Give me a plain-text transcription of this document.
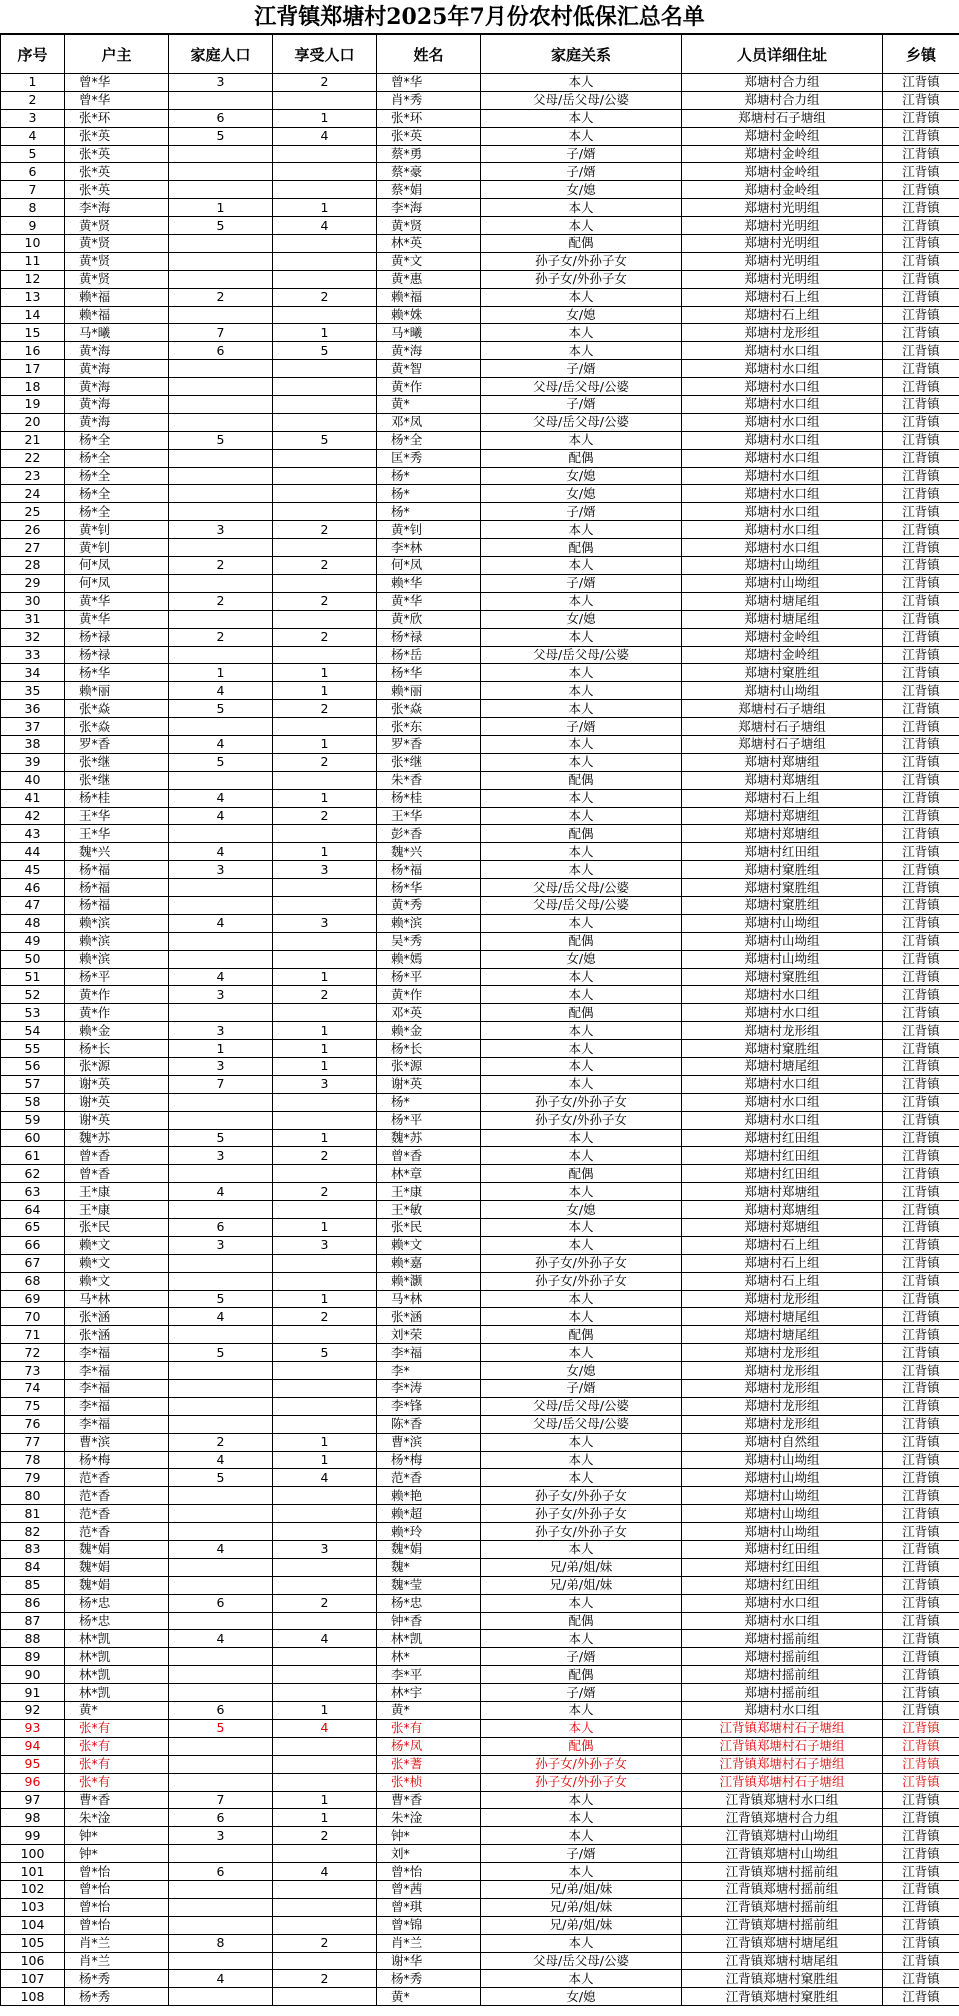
江背镇郑塘村2025年7月份农村低保汇总名单
序号	户主	家庭人口	享受人口	姓名	家庭关系	人员详细住址	乡镇
1	曾*华	3	2	曾*华	本人	郑塘村合力组	江背镇
2	曾*华			肖*秀	父母/岳父母/公婆	郑塘村合力组	江背镇
3	张*环	6	1	张*环	本人	郑塘村石子塘组	江背镇
4	张*英	5	4	张*英	本人	郑塘村金岭组	江背镇
5	张*英			蔡*勇	子/婿	郑塘村金岭组	江背镇
6	张*英			蔡*豪	子/婿	郑塘村金岭组	江背镇
7	张*英			蔡*娟	女/媳	郑塘村金岭组	江背镇
8	李*海	1	1	李*海	本人	郑塘村光明组	江背镇
9	黄*贤	5	4	黄*贤	本人	郑塘村光明组	江背镇
10	黄*贤			林*英	配偶	郑塘村光明组	江背镇
11	黄*贤			黄*文	孙子女/外孙子女	郑塘村光明组	江背镇
12	黄*贤			黄*惠	孙子女/外孙子女	郑塘村光明组	江背镇
13	赖*福	2	2	赖*福	本人	郑塘村石上组	江背镇
14	赖*福			赖*姝	女/媳	郑塘村石上组	江背镇
15	马*曦	7	1	马*曦	本人	郑塘村龙形组	江背镇
16	黄*海	6	5	黄*海	本人	郑塘村水口组	江背镇
17	黄*海			黄*智	子/婿	郑塘村水口组	江背镇
18	黄*海			黄*作	父母/岳父母/公婆	郑塘村水口组	江背镇
19	黄*海			黄*	子/婿	郑塘村水口组	江背镇
20	黄*海			邓*凤	父母/岳父母/公婆	郑塘村水口组	江背镇
21	杨*全	5	5	杨*全	本人	郑塘村水口组	江背镇
22	杨*全			匡*秀	配偶	郑塘村水口组	江背镇
23	杨*全			杨*	女/媳	郑塘村水口组	江背镇
24	杨*全			杨*	女/媳	郑塘村水口组	江背镇
25	杨*全			杨*	子/婿	郑塘村水口组	江背镇
26	黄*钊	3	2	黄*钊	本人	郑塘村水口组	江背镇
27	黄*钊			李*林	配偶	郑塘村水口组	江背镇
28	何*凤	2	2	何*凤	本人	郑塘村山坳组	江背镇
29	何*凤			赖*华	子/婿	郑塘村山坳组	江背镇
30	黄*华	2	2	黄*华	本人	郑塘村塘尾组	江背镇
31	黄*华			黄*欣	女/媳	郑塘村塘尾组	江背镇
32	杨*禄	2	2	杨*禄	本人	郑塘村金岭组	江背镇
33	杨*禄			杨*岳	父母/岳父母/公婆	郑塘村金岭组	江背镇
34	杨*华	1	1	杨*华	本人	郑塘村窠胜组	江背镇
35	赖*丽	4	1	赖*丽	本人	郑塘村山坳组	江背镇
36	张*焱	5	2	张*焱	本人	郑塘村石子塘组	江背镇
37	张*焱			张*东	子/婿	郑塘村石子塘组	江背镇
38	罗*香	4	1	罗*香	本人	郑塘村石子塘组	江背镇
39	张*继	5	2	张*继	本人	郑塘村郑塘组	江背镇
40	张*继			朱*香	配偶	郑塘村郑塘组	江背镇
41	杨*桂	4	1	杨*桂	本人	郑塘村石上组	江背镇
42	王*华	4	2	王*华	本人	郑塘村郑塘组	江背镇
43	王*华			彭*香	配偶	郑塘村郑塘组	江背镇
44	魏*兴	4	1	魏*兴	本人	郑塘村红田组	江背镇
45	杨*福	3	3	杨*福	本人	郑塘村窠胜组	江背镇
46	杨*福			杨*华	父母/岳父母/公婆	郑塘村窠胜组	江背镇
47	杨*福			黄*秀	父母/岳父母/公婆	郑塘村窠胜组	江背镇
48	赖*滨	4	3	赖*滨	本人	郑塘村山坳组	江背镇
49	赖*滨			吴*秀	配偶	郑塘村山坳组	江背镇
50	赖*滨			赖*嫣	女/媳	郑塘村山坳组	江背镇
51	杨*平	4	1	杨*平	本人	郑塘村窠胜组	江背镇
52	黄*作	3	2	黄*作	本人	郑塘村水口组	江背镇
53	黄*作			邓*英	配偶	郑塘村水口组	江背镇
54	赖*金	3	1	赖*金	本人	郑塘村龙形组	江背镇
55	杨*长	1	1	杨*长	本人	郑塘村窠胜组	江背镇
56	张*源	3	1	张*源	本人	郑塘村塘尾组	江背镇
57	谢*英	7	3	谢*英	本人	郑塘村水口组	江背镇
58	谢*英			杨*	孙子女/外孙子女	郑塘村水口组	江背镇
59	谢*英			杨*平	孙子女/外孙子女	郑塘村水口组	江背镇
60	魏*苏	5	1	魏*苏	本人	郑塘村红田组	江背镇
61	曾*香	3	2	曾*香	本人	郑塘村红田组	江背镇
62	曾*香			林*章	配偶	郑塘村红田组	江背镇
63	王*康	4	2	王*康	本人	郑塘村郑塘组	江背镇
64	王*康			王*敏	女/媳	郑塘村郑塘组	江背镇
65	张*民	6	1	张*民	本人	郑塘村郑塘组	江背镇
66	赖*文	3	3	赖*文	本人	郑塘村石上组	江背镇
67	赖*文			赖*嘉	孙子女/外孙子女	郑塘村石上组	江背镇
68	赖*文			赖*灏	孙子女/外孙子女	郑塘村石上组	江背镇
69	马*林	5	1	马*林	本人	郑塘村龙形组	江背镇
70	张*涵	4	2	张*涵	本人	郑塘村塘尾组	江背镇
71	张*涵			刘*荣	配偶	郑塘村塘尾组	江背镇
72	李*福	5	5	李*福	本人	郑塘村龙形组	江背镇
73	李*福			李*	女/媳	郑塘村龙形组	江背镇
74	李*福			李*涛	子/婿	郑塘村龙形组	江背镇
75	李*福			李*锋	父母/岳父母/公婆	郑塘村龙形组	江背镇
76	李*福			陈*香	父母/岳父母/公婆	郑塘村龙形组	江背镇
77	曹*滨	2	1	曹*滨	本人	郑塘村自然组	江背镇
78	杨*梅	4	1	杨*梅	本人	郑塘村山坳组	江背镇
79	范*香	5	4	范*香	本人	郑塘村山坳组	江背镇
80	范*香			赖*艳	孙子女/外孙子女	郑塘村山坳组	江背镇
81	范*香			赖*超	孙子女/外孙子女	郑塘村山坳组	江背镇
82	范*香			赖*玲	孙子女/外孙子女	郑塘村山坳组	江背镇
83	魏*娟	4	3	魏*娟	本人	郑塘村红田组	江背镇
84	魏*娟			魏*	兄/弟/姐/妹	郑塘村红田组	江背镇
85	魏*娟			魏*莹	兄/弟/姐/妹	郑塘村红田组	江背镇
86	杨*忠	6	2	杨*忠	本人	郑塘村水口组	江背镇
87	杨*忠			钟*香	配偶	郑塘村水口组	江背镇
88	林*凯	4	4	林*凯	本人	郑塘村摇前组	江背镇
89	林*凯			林*	子/婿	郑塘村摇前组	江背镇
90	林*凯			李*平	配偶	郑塘村摇前组	江背镇
91	林*凯			林*宇	子/婿	郑塘村摇前组	江背镇
92	黄*	6	1	黄*	本人	郑塘村水口组	江背镇
93	张*有	5	4	张*有	本人	江背镇郑塘村石子塘组	江背镇
94	张*有			杨*凤	配偶	江背镇郑塘村石子塘组	江背镇
95	张*有			张*蓍	孙子女/外孙子女	江背镇郑塘村石子塘组	江背镇
96	张*有			张*桢	孙子女/外孙子女	江背镇郑塘村石子塘组	江背镇
97	曹*香	7	1	曹*香	本人	江背镇郑塘村水口组	江背镇
98	朱*淦	6	1	朱*淦	本人	江背镇郑塘村合力组	江背镇
99	钟*	3	2	钟*	本人	江背镇郑塘村山坳组	江背镇
100	钟*			刘*	子/婿	江背镇郑塘村山坳组	江背镇
101	曾*怡	6	4	曾*怡	本人	江背镇郑塘村摇前组	江背镇
102	曾*怡			曾*茜	兄/弟/姐/妹	江背镇郑塘村摇前组	江背镇
103	曾*怡			曾*琪	兄/弟/姐/妹	江背镇郑塘村摇前组	江背镇
104	曾*怡			曾*锦	兄/弟/姐/妹	江背镇郑塘村摇前组	江背镇
105	肖*兰	8	2	肖*兰	本人	江背镇郑塘村塘尾组	江背镇
106	肖*兰			谢*华	父母/岳父母/公婆	江背镇郑塘村塘尾组	江背镇
107	杨*秀	4	2	杨*秀	本人	江背镇郑塘村窠胜组	江背镇
108	杨*秀			黄*	女/媳	江背镇郑塘村窠胜组	江背镇
